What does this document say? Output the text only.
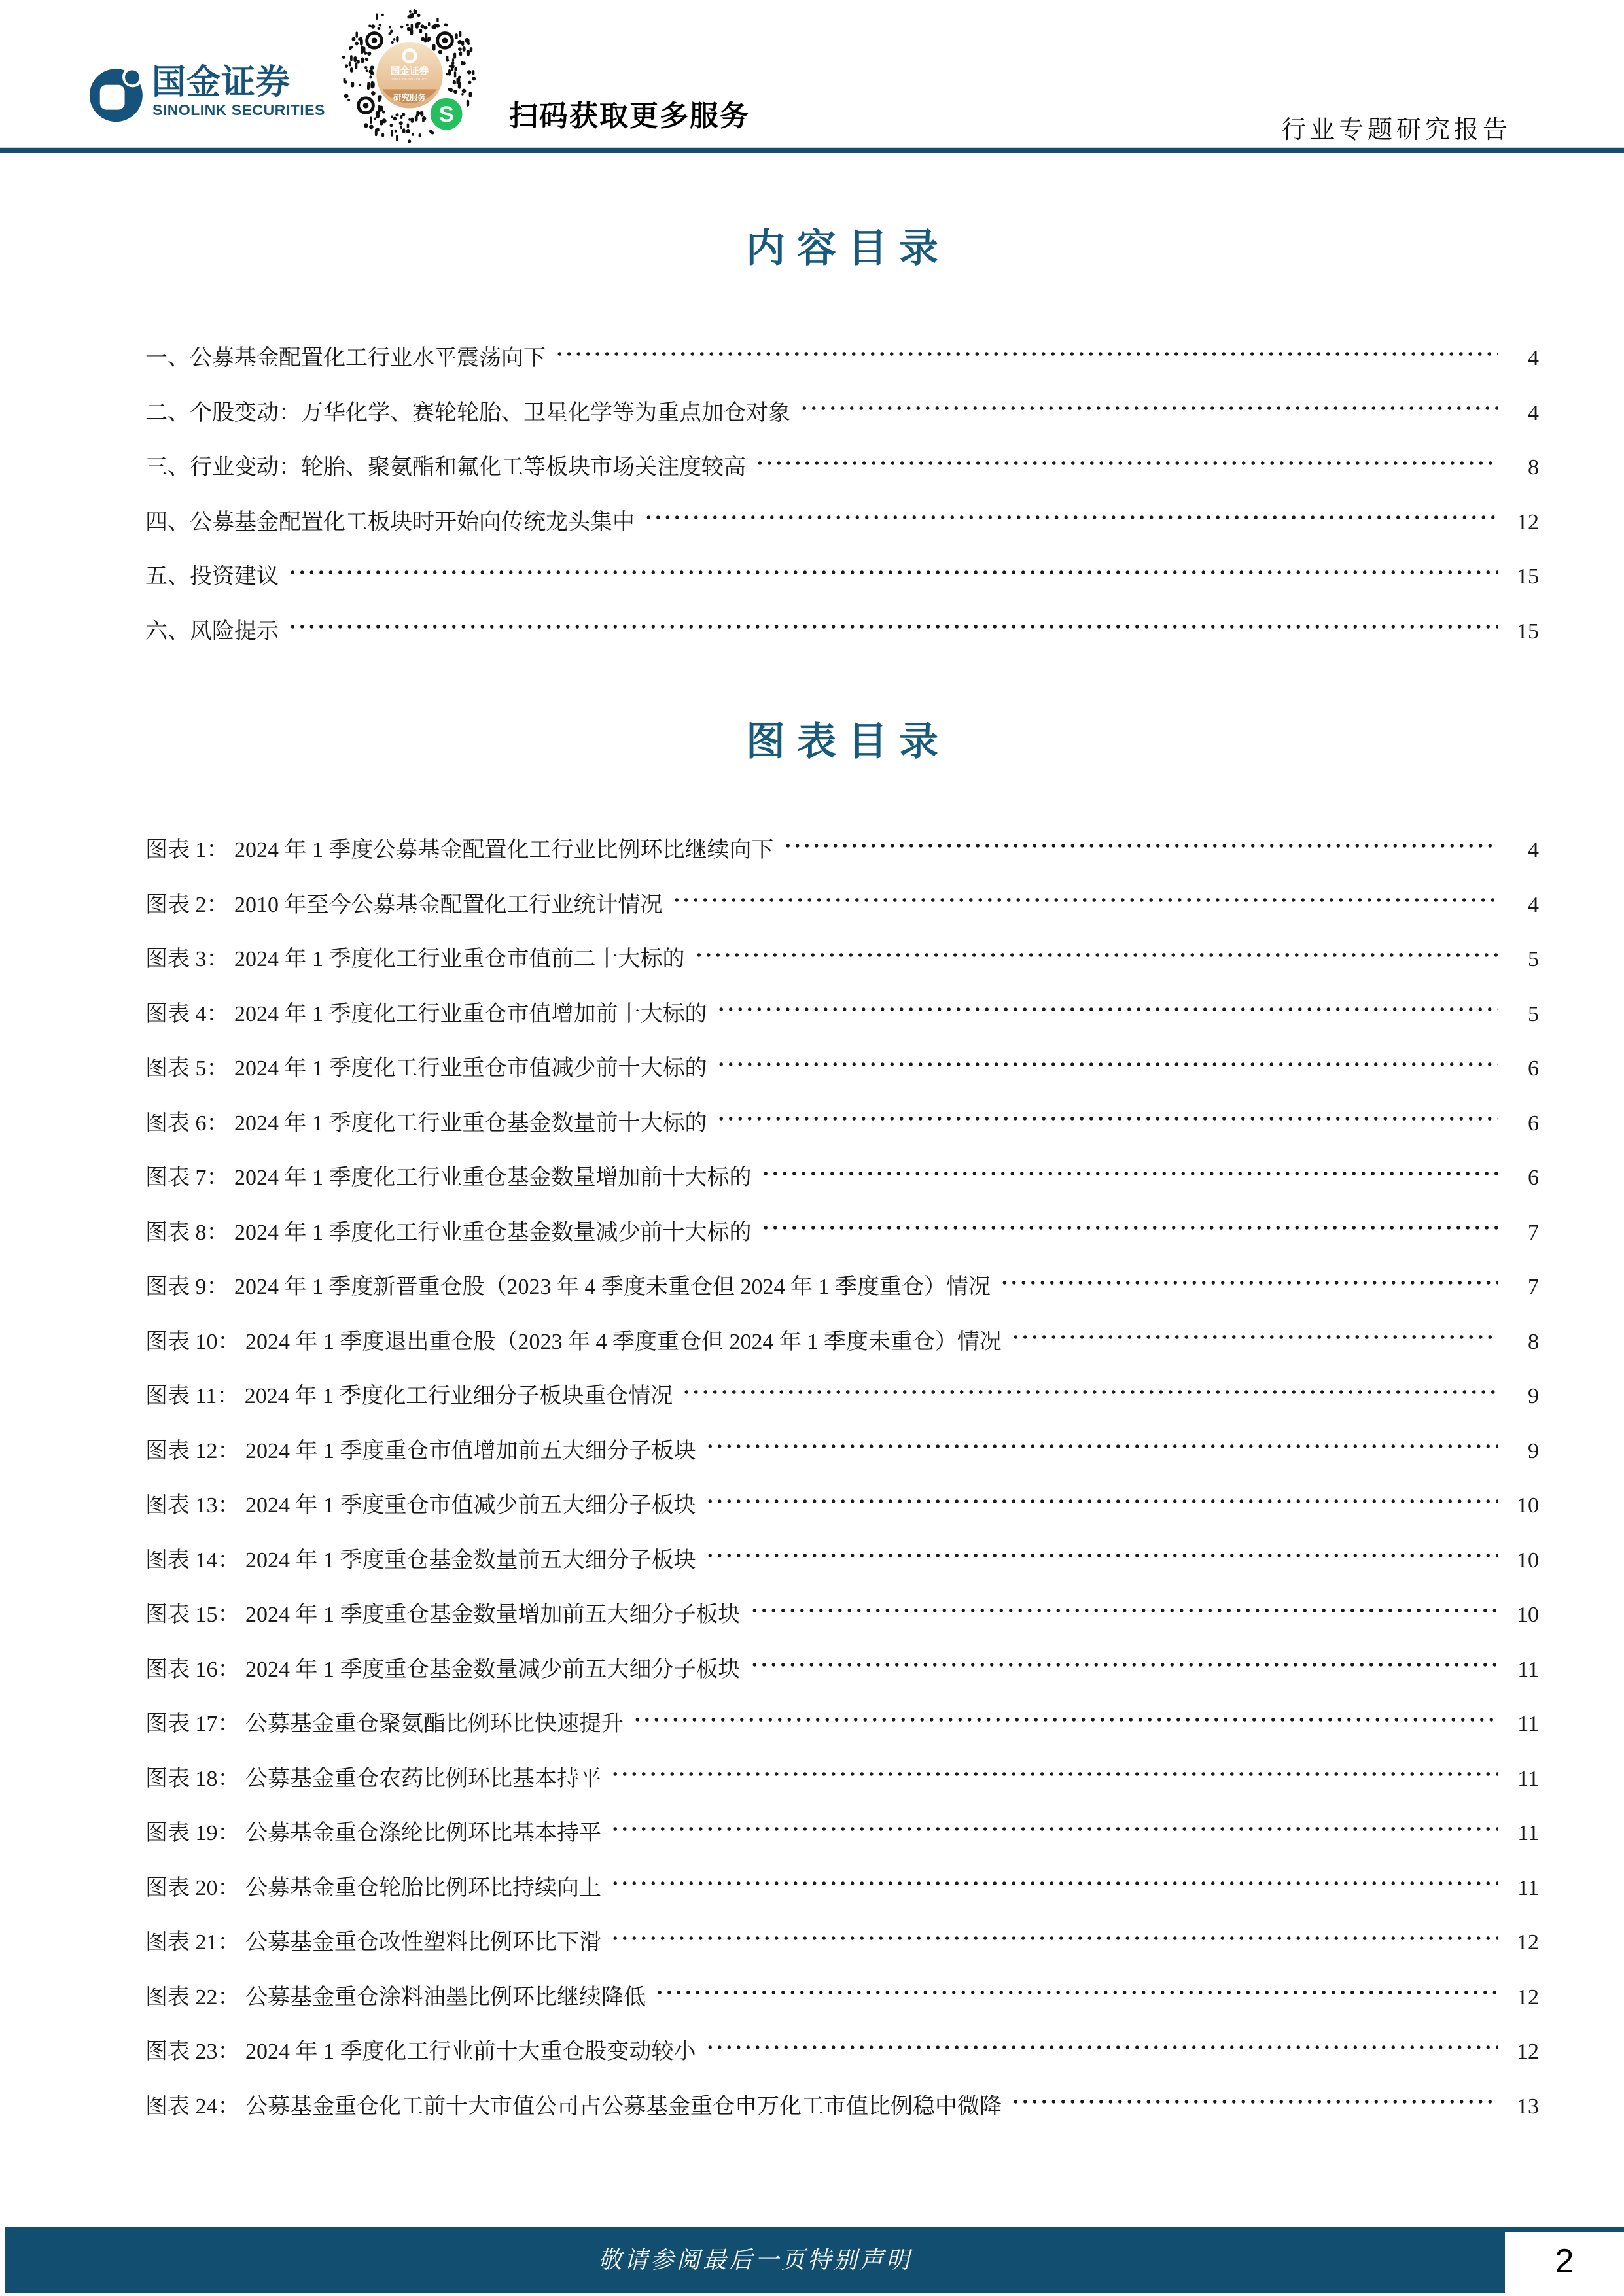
国金证券
SINOLINK SECURITIES
国金证券
SINOLINK SECURITIES
研究服务
S 扫码获取更多服务	行业专题研究报告
内容目录
一、公募基金配置化工行业水平震荡向下	4
二、个股变动：万华化学、赛轮轮胎、卫星化学等为重点加仓对象	4
三、行业变动：轮胎、聚氨酯和氟化工等板块市场关注度较高	8
四、公募基金配置化工板块时开始向传统龙头集中	12
五、投资建议	15
六、风险提示	15
图表目录
图表 1： 2024 年 1 季度公募基金配置化工行业比例环比继续向下	4
图表 2： 2010 年至今公募基金配置化工行业统计情况	4
图表 3： 2024 年 1 季度化工行业重仓市值前二十大标的	5
图表 4： 2024 年 1 季度化工行业重仓市值增加前十大标的	5
图表 5： 2024 年 1 季度化工行业重仓市值减少前十大标的	6
图表 6： 2024 年 1 季度化工行业重仓基金数量前十大标的	6
图表 7： 2024 年 1 季度化工行业重仓基金数量增加前十大标的	6
图表 8： 2024 年 1 季度化工行业重仓基金数量减少前十大标的	7
图表 9： 2024 年 1 季度新晋重仓股（2023 年 4 季度未重仓但 2024 年 1 季度重仓）情况	7
图表 10： 2024 年 1 季度退出重仓股（2023 年 4 季度重仓但 2024 年 1 季度未重仓）情况	8
图表 11： 2024 年 1 季度化工行业细分子板块重仓情况	9
图表 12： 2024 年 1 季度重仓市值增加前五大细分子板块	9
图表 13： 2024 年 1 季度重仓市值减少前五大细分子板块	10
图表 14： 2024 年 1 季度重仓基金数量前五大细分子板块	10
图表 15： 2024 年 1 季度重仓基金数量增加前五大细分子板块	10
图表 16： 2024 年 1 季度重仓基金数量减少前五大细分子板块	11
图表 17： 公募基金重仓聚氨酯比例环比快速提升	11
图表 18： 公募基金重仓农药比例环比基本持平	11
图表 19： 公募基金重仓涤纶比例环比基本持平	11
图表 20： 公募基金重仓轮胎比例环比持续向上	11
图表 21： 公募基金重仓改性塑料比例环比下滑	12
图表 22： 公募基金重仓涂料油墨比例环比继续降低	12
图表 23： 2024 年 1 季度化工行业前十大重仓股变动较小	12
图表 24： 公募基金重仓化工前十大市值公司占公募基金重仓申万化工市值比例稳中微降	13
敬请参阅最后一页特别声明	2
